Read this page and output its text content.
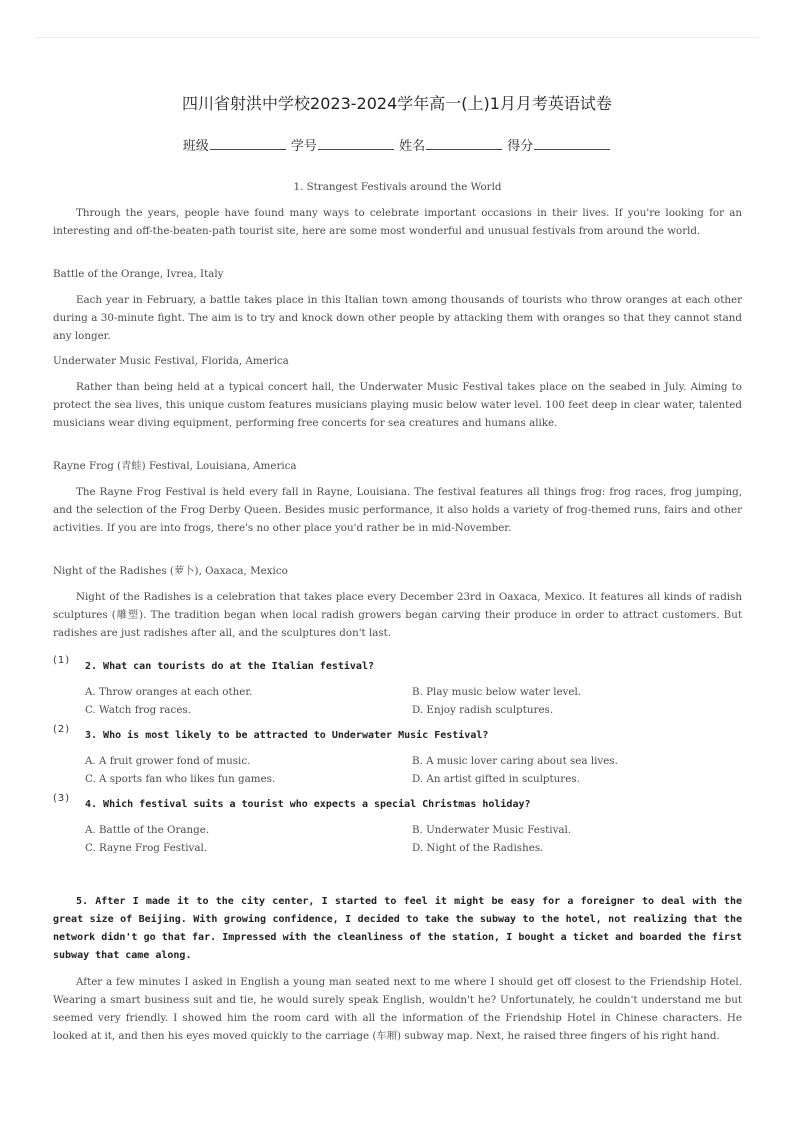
四川省射洪中学校2023-2024学年高一(上)1月月考英语试卷
班级	学号	姓名	得分
1. Strangest Festivals around the World
Through the years, people have found many ways to celebrate important occasions in their lives. If you're looking for an interesting and off-the-beaten-path tourist site, here are some most wonderful and unusual festivals from around the world.
Battle of the Orange, Ivrea, Italy
Each year in February, a battle takes place in this Italian town among thousands of tourists who throw oranges at each other during a 30-minute fight. The aim is to try and knock down other people by attacking them with oranges so that they cannot stand any longer.
Underwater Music Festival, Florida, America
Rather than being held at a typical concert hall, the Underwater Music Festival takes place on the seabed in July. Aiming to protect the sea lives, this unique custom features musicians playing music below water level. 100 feet deep in clear water, talented musicians wear diving equipment, performing free concerts for sea creatures and humans alike.
Rayne Frog (青蛙) Festival, Louisiana, America
The Rayne Frog Festival is held every fall in Rayne, Louisiana. The festival features all things frog: frog races, frog jumping, and the selection of the Frog Derby Queen. Besides music performance, it also holds a variety of frog-themed runs, fairs and other activities. If you are into frogs, there's no other place you'd rather be in mid-November.
Night of the Radishes (萝卜), Oaxaca, Mexico
Night of the Radishes is a celebration that takes place every December 23rd in Oaxaca, Mexico. It features all kinds of radish sculptures (雕塑). The tradition began when local radish growers began carving their produce in order to attract customers. But radishes are just radishes after all, and the sculptures don't last.
(1)
2. What can tourists do at the Italian festival?
A. Throw oranges at each other.	B. Play music below water level.
C. Watch frog races.	D. Enjoy radish sculptures.
(2)
3. Who is most likely to be attracted to Underwater Music Festival?
A. A fruit grower fond of music.	B. A music lover caring about sea lives.
C. A sports fan who likes fun games.	D. An artist gifted in sculptures.
(3)
4. Which festival suits a tourist who expects a special Christmas holiday?
A. Battle of the Orange.	B. Underwater Music Festival.
C. Rayne Frog Festival.	D. Night of the Radishes.
5. After I made it to the city center, I started to feel it might be easy for a foreigner to deal with the great size of Beijing. With growing confidence, I decided to take the subway to the hotel, not realizing that the network didn't go that far. Impressed with the cleanliness of the station, I bought a ticket and boarded the first subway that came along.
After a few minutes I asked in English a young man seated next to me where I should get off closest to the Friendship Hotel. Wearing a smart business suit and tie, he would surely speak English, wouldn't he? Unfortunately, he couldn't understand me but seemed very friendly. I showed him the room card with all the information of the Friendship Hotel in Chinese characters. He looked at it, and then his eyes moved quickly to the carriage (车厢) subway map. Next, he raised three fingers of his right hand.
